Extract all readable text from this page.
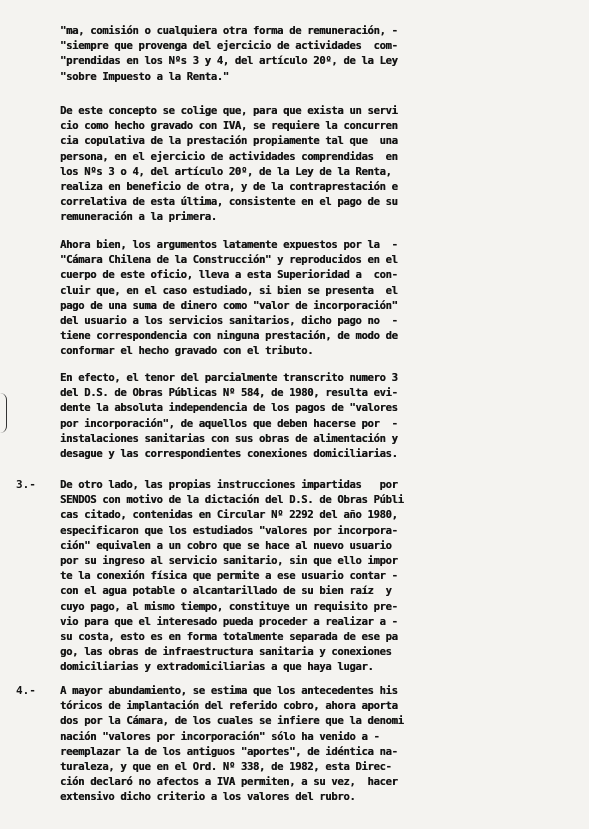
"ma, comisión o cualquiera otra forma de remuneración, -
"siempre que provenga del ejercicio de actividades  com-
"prendidas en los Nºs 3 y 4, del artículo 20º, de la Ley
"sobre Impuesto a la Renta."
De este concepto se colige que, para que exista un servi
cio como hecho gravado con IVA, se requiere la concurren
cia copulativa de la prestación propiamente tal que  una
persona, en el ejercicio de actividades comprendidas  en
los Nºs 3 o 4, del artículo 20º, de la Ley de la Renta,
realiza en beneficio de otra, y de la contraprestación e
correlativa de esta última, consistente en el pago de su
remuneración a la primera.
Ahora bien, los argumentos latamente expuestos por la  -
"Cámara Chilena de la Construcción" y reproducidos en el
cuerpo de este oficio, lleva a esta Superioridad a  con-
cluir que, en el caso estudiado, si bien se presenta  el
pago de una suma de dinero como "valor de incorporación"
del usuario a los servicios sanitarios, dicho pago no  -
tiene correspondencia con ninguna prestación, de modo de
conformar el hecho gravado con el tributo.
En efecto, el tenor del parcialmente transcrito numero 3
del D.S. de Obras Públicas Nº 584, de 1980, resulta evi-
dente la absoluta independencia de los pagos de "valores
por incorporación", de aquellos que deben hacerse por  -
instalaciones sanitarias con sus obras de alimentación y
desague y las correspondientes conexiones domiciliarias.
De otro lado, las propias instrucciones impartidas   por
SENDOS con motivo de la dictación del D.S. de Obras Públi
cas citado, contenidas en Circular Nº 2292 del año 1980,
especificaron que los estudiados "valores por incorpora-
ción" equivalen a un cobro que se hace al nuevo usuario
por su ingreso al servicio sanitario, sin que ello impor
te la conexión física que permite a ese usuario contar -
con el agua potable o alcantarillado de su bien raíz  y
cuyo pago, al mismo tiempo, constituye un requisito pre-
vio para que el interesado pueda proceder a realizar a -
su costa, esto es en forma totalmente separada de ese pa
go, las obras de infraestructura sanitaria y conexiones
domiciliarias y extradomiciliarias a que haya lugar.
3.-
A mayor abundamiento, se estima que los antecedentes his
tóricos de implantación del referido cobro, ahora aporta
dos por la Cámara, de los cuales se infiere que la denomi
nación "valores por incorporación" sólo ha venido a -
reemplazar la de los antiguos "aportes", de idéntica na-
turaleza, y que en el Ord. Nº 338, de 1982, esta Direc-
ción declaró no afectos a IVA permiten, a su vez,  hacer
extensivo dicho criterio a los valores del rubro.
4.-
